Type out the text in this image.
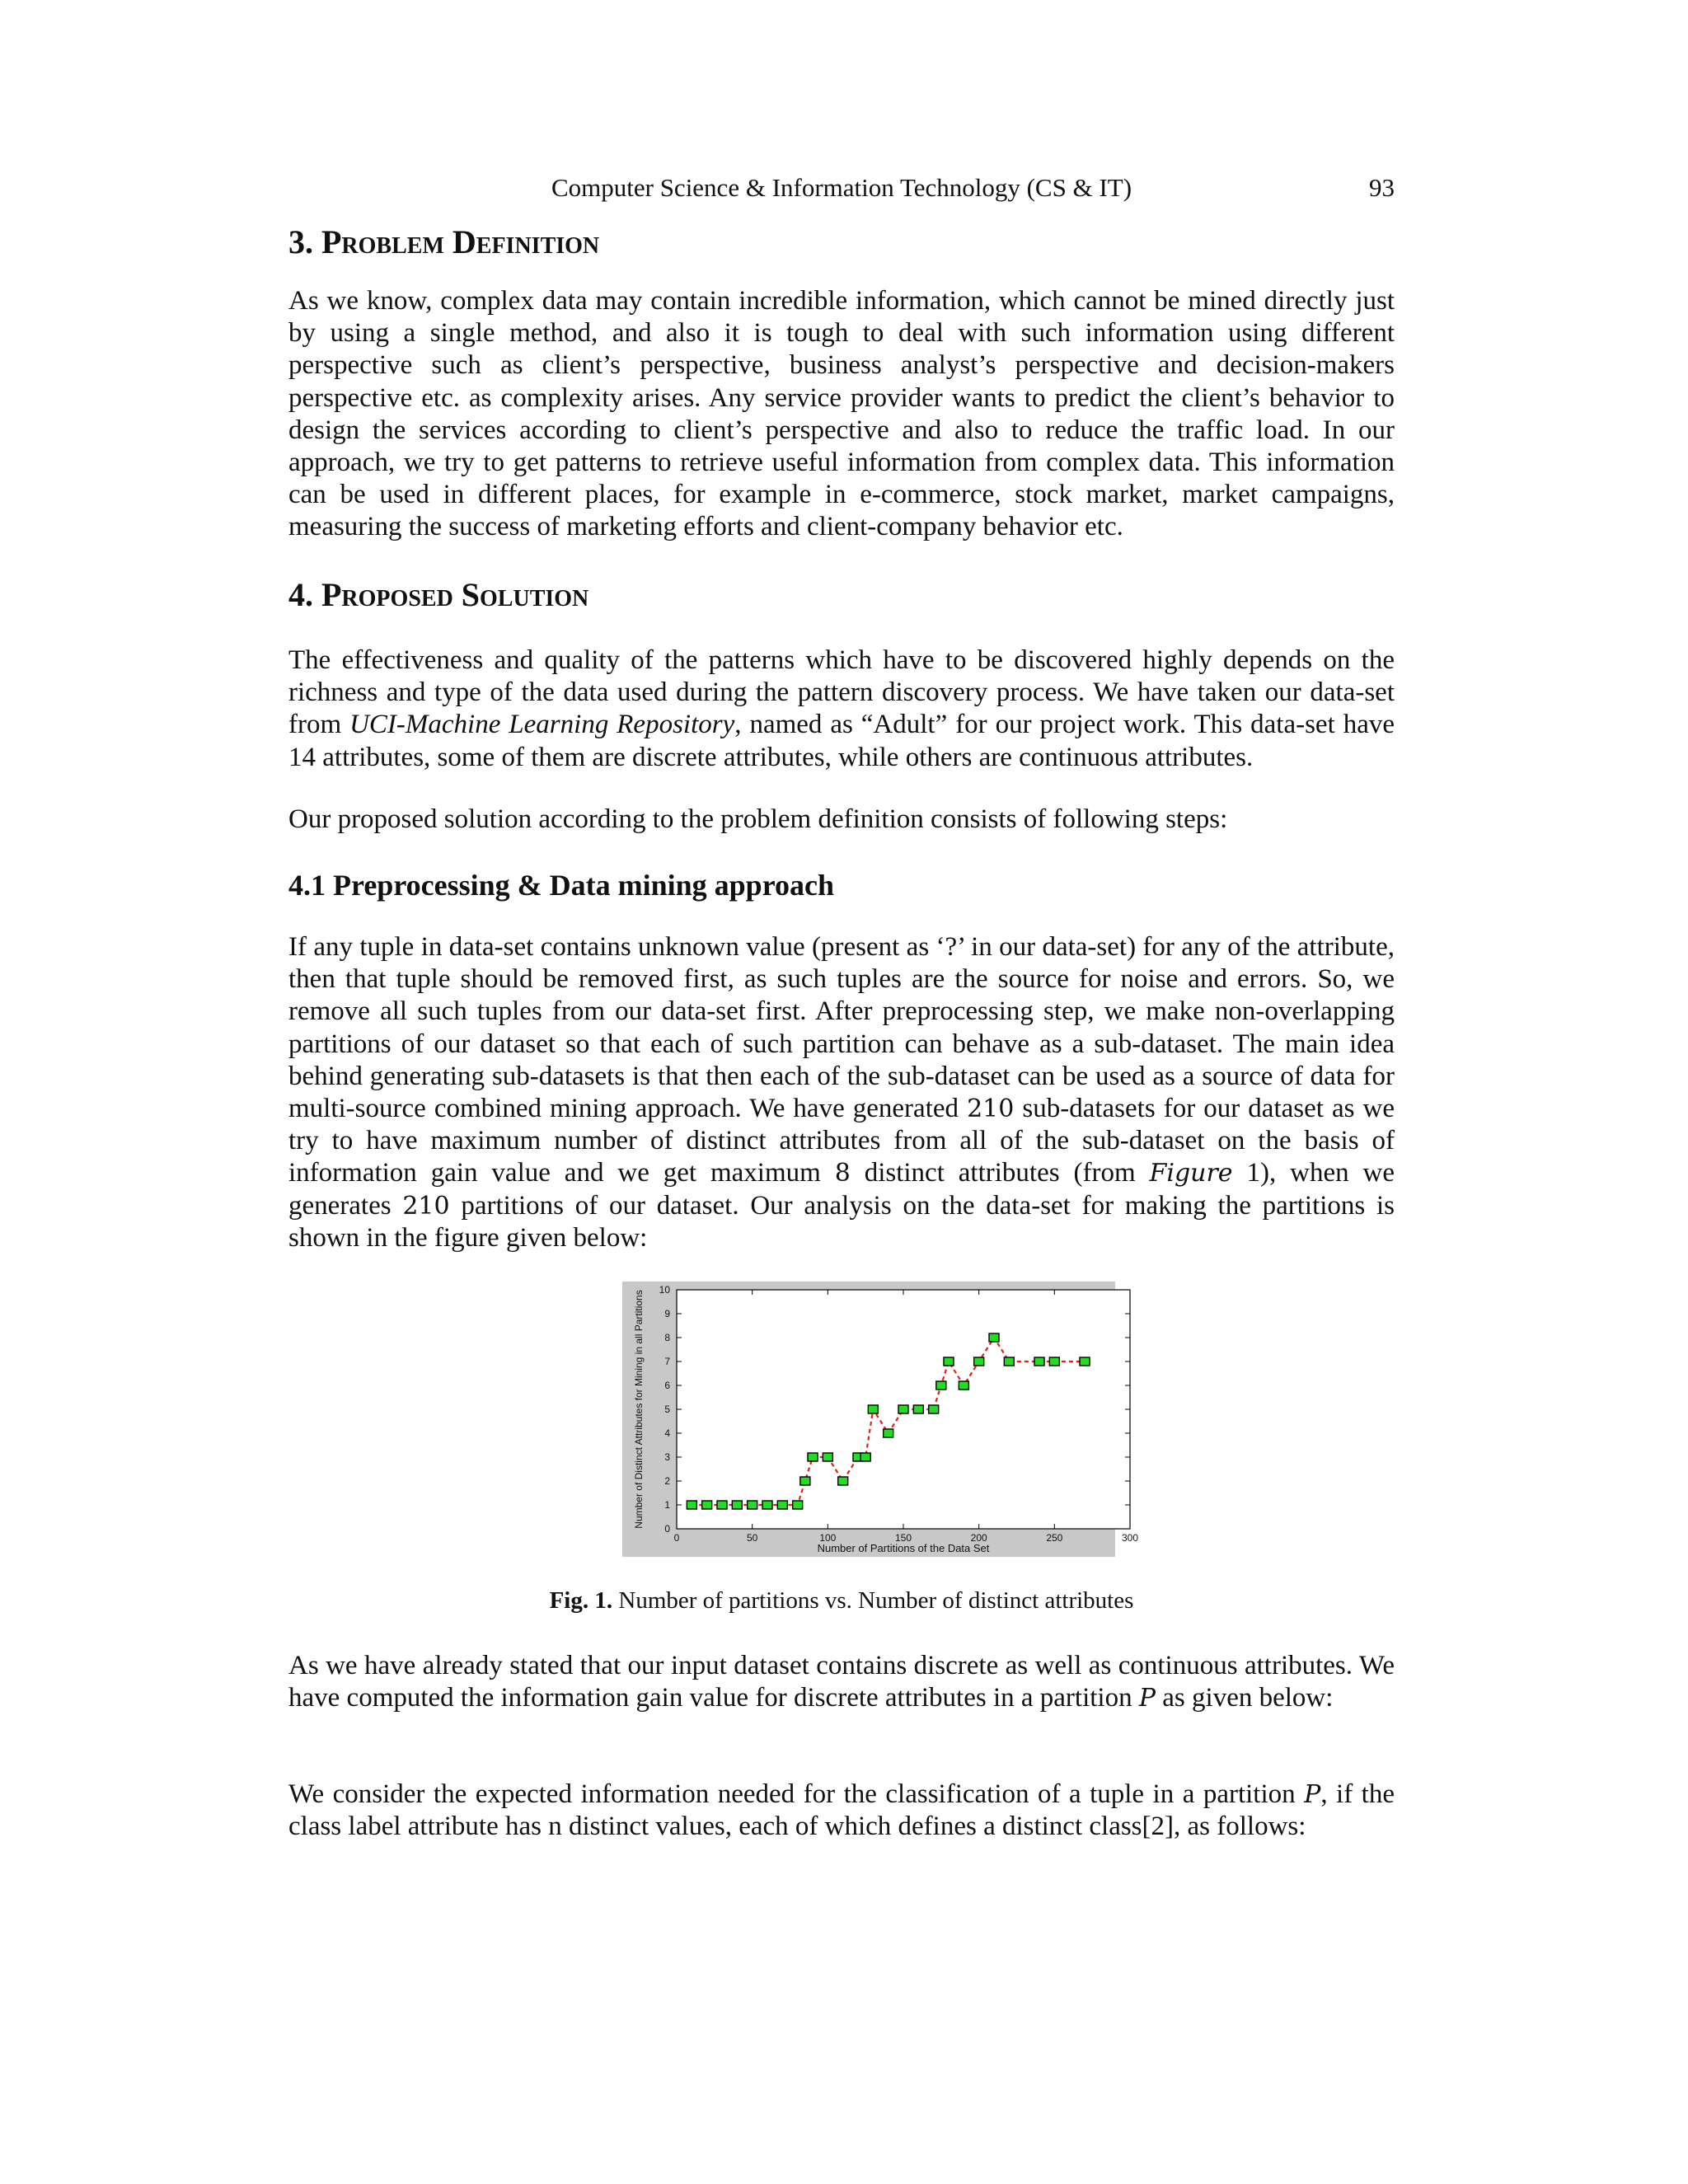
Computer Science & Information Technology (CS & IT)	93
3. Problem Definition

As we know, complex data may contain incredible information, which cannot be mined directly just by using a single method, and also it is tough to deal with such information using different perspective such as client’s perspective, business analyst’s perspective and decision-makers perspective etc. as complexity arises. Any service provider wants to predict the client’s behavior to design the services according to client’s perspective and also to reduce the traffic load. In our approach, we try to get patterns to retrieve useful information from complex data. This information can be used in different places, for example in e-commerce, stock market, market campaigns, measuring the success of marketing efforts and client-company behavior etc.

4. Proposed Solution

The effectiveness and quality of the patterns which have to be discovered highly depends on the richness and type of the data used during the pattern discovery process. We have taken our data-set from UCI-Machine Learning Repository, named as “Adult” for our project work. This data-set have 14 attributes, some of them are discrete attributes, while others are continuous attributes.

Our proposed solution according to the problem definition consists of following steps:

4.1 Preprocessing & Data mining approach

If any tuple in data-set contains unknown value (present as ‘?’ in our data-set) for any of the attribute, then that tuple should be removed first, as such tuples are the source for noise and errors. So, we remove all such tuples from our data-set first. After preprocessing step, we make non-overlapping partitions of our dataset so that each of such partition can behave as a sub-dataset. The main idea behind generating sub-datasets is that then each of the sub-dataset can be used as a source of data for multi-source combined mining approach. We have generated 210 sub-datasets for our dataset as we try to have maximum number of distinct attributes from all of the sub-dataset on the basis of information gain value and we get maximum 8 distinct attributes (from Figure 1), when we generates 210 partitions of our dataset. Our analysis on the data-set for making the partitions is shown in the figure given below:

0	50	100	150	200	250	300
0
1
2
3
4
5
6
7
8
9
10
Number of Partitions of the Data Set
Number of Distinct Attributes for Mining in all Partitions
Fig. 1. Number of partitions vs. Number of distinct attributes

As we have already stated that our input dataset contains discrete as well as continuous attributes. We have computed the information gain value for discrete attributes in a partition P as given below:

We consider the expected information needed for the classification of a tuple in a partition P, if the class label attribute has n distinct values, each of which defines a distinct class[2], as follows:
